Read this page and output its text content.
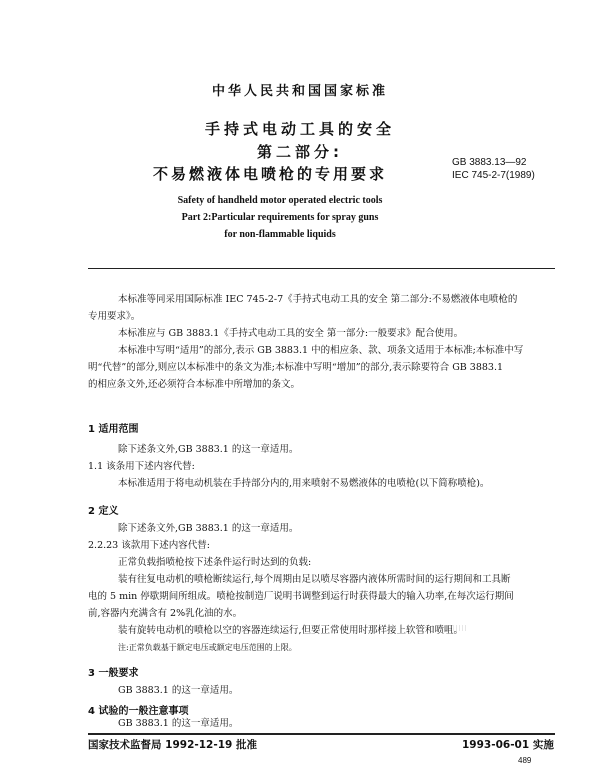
中华人民共和国国家标准

手持式电动工具的安全

第二部分:

不易燃液体电喷枪的专用要求

GB 3883.13—92

IEC 745-2-7(1989)

Safety of handheld motor operated electric tools

Part 2:Particular requirements for spray guns

for non-flammable liquids

本标准等同采用国际标准 IEC 745-2-7《手持式电动工具的安全 第二部分:不易燃液体电喷枪的
专用要求》。
本标准应与 GB 3883.1《手持式电动工具的安全 第一部分:一般要求》配合使用。
本标准中写明“适用”的部分,表示 GB 3883.1 中的相应条、款、项条文适用于本标准;本标准中写
明“代替”的部分,则应以本标准中的条文为准;本标准中写明“增加”的部分,表示除要符合 GB 3883.1
的相应条文外,还必须符合本标准中所增加的条文。
1 适用范围
除下述条文外,GB 3883.1 的这一章适用。
1.1 该条用下述内容代替:
本标准适用于将电动机装在手持部分内的,用来喷射不易燃液体的电喷枪(以下简称喷枪)。
2 定义
除下述条文外,GB 3883.1 的这一章适用。
2.2.23 该款用下述内容代替:
正常负载指喷枪按下述条件运行时达到的负载:
装有往复电动机的喷枪断续运行,每个周期由足以喷尽容器内液体所需时间的运行期间和工具断
电的 5 min 停歇期间所组成。喷枪按制造厂说明书调整到运行时获得最大的输入功率,在每次运行期间
前,容器内充满含有 2%乳化油的水。
装有旋转电动机的喷枪以空的容器连续运行,但要正常使用时那样接上软管和喷咀。
注:正常负载基于额定电压或额定电压范围的上限。
3 一般要求
GB 3883.1 的这一章适用。
4 试验的一般注意事项
GB 3883.1 的这一章适用。
国家技术监督局 1992-12-19 批准	1993-06-01 实施
489
